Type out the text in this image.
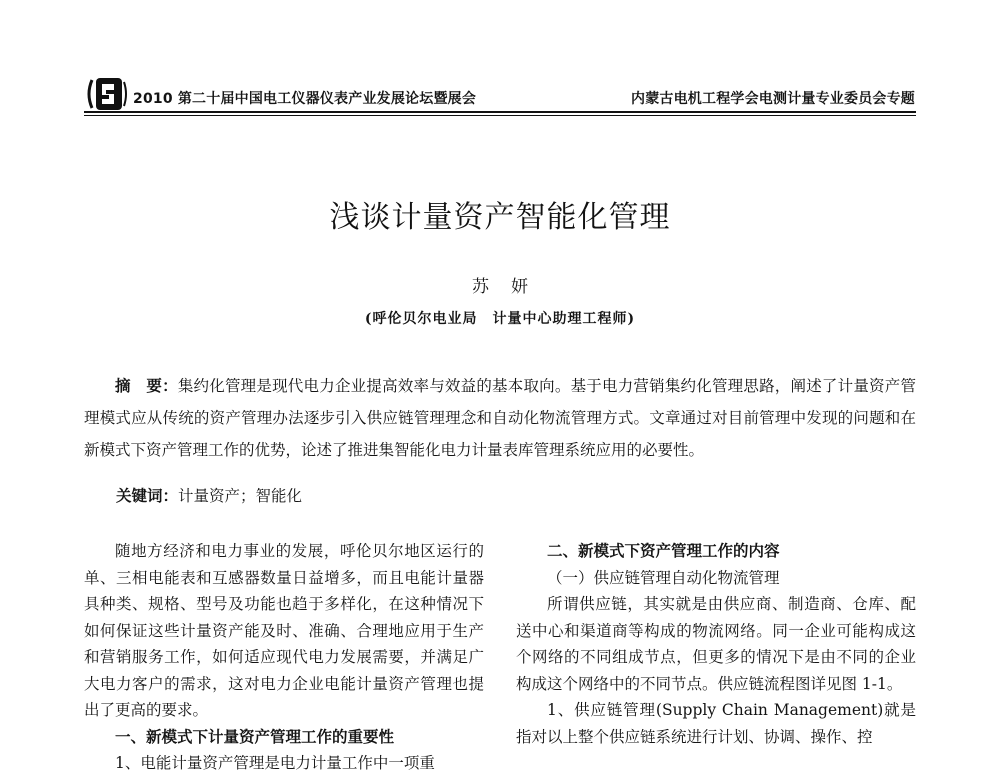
2010 第二十届中国电工仪器仪表产业发展论坛暨展会	内蒙古电机工程学会电测计量专业委员会专题
浅谈计量资产智能化管理
苏妍
(呼伦贝尔电业局　计量中心助理工程师)

摘　要：集约化管理是现代电力企业提高效率与效益的基本取向。基于电力营销集约化管理思路，阐述了计量资产管理模式应从传统的资产管理办法逐步引入供应链管理理念和自动化物流管理方式。文章通过对目前管理中发现的问题和在新模式下资产管理工作的优势，论述了推进集智能化电力计量表库管理系统应用的必要性。

关键词：计量资产；智能化

随地方经济和电力事业的发展，呼伦贝尔地区运行的单、三相电能表和互感器数量日益增多，而且电能计量器具种类、规格、型号及功能也趋于多样化，在这种情况下如何保证这些计量资产能及时、准确、合理地应用于生产和营销服务工作，如何适应现代电力发展需要，并满足广大电力客户的需求，这对电力企业电能计量资产管理也提出了更高的要求。

一、新模式下计量资产管理工作的重要性

1、电能计量资产管理是电力计量工作中一项重

二、新模式下资产管理工作的内容

（一）供应链管理自动化物流管理

所谓供应链，其实就是由供应商、制造商、仓库、配送中心和渠道商等构成的物流网络。同一企业可能构成这个网络的不同组成节点，但更多的情况下是由不同的企业构成这个网络中的不同节点。供应链流程图详见图 1-1。

1、供应链管理(Supply Chain Management)就是指对以上整个供应链系统进行计划、协调、操作、控
